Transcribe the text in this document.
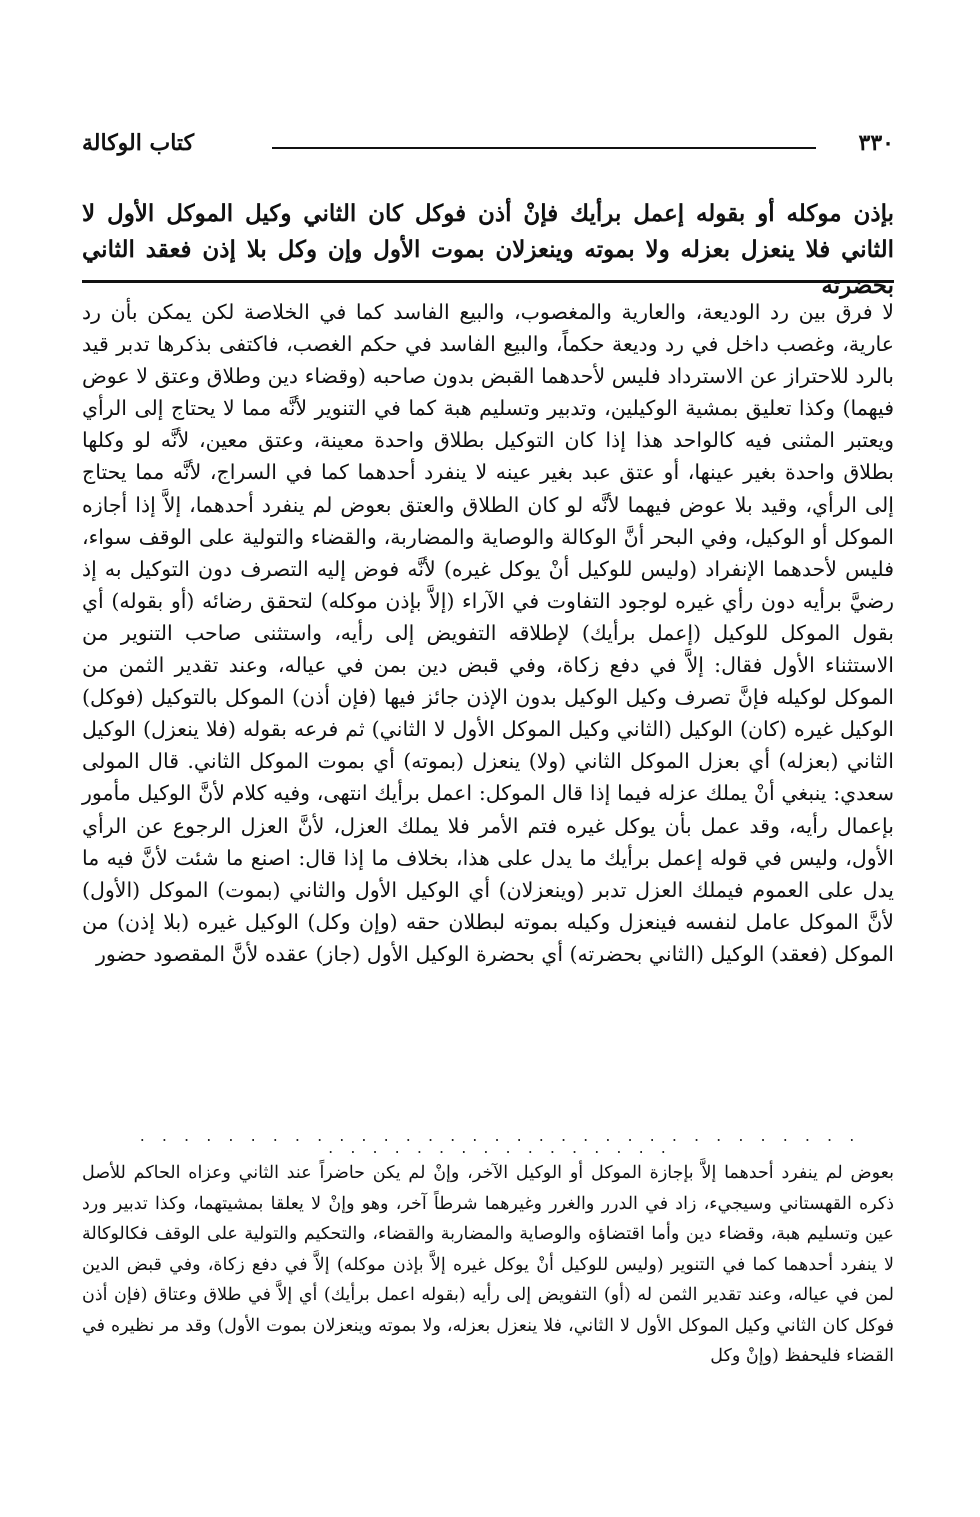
٣٣٠
كتاب الوكالة

بإذن موكله أو بقوله إعمل برأيك فإنْ أذن فوكل كان الثاني وكيل الموكل الأول لا الثاني فلا ينعزل بعزله ولا بموته وينعزلان بموت الأول وإن وكل بلا إذن فعقد الثاني بحضرته

لا فرق بين رد الوديعة، والعارية والمغصوب، والبيع الفاسد كما في الخلاصة لكن يمكن بأن رد عارية، وغصب داخل في رد وديعة حكماً، والبيع الفاسد في حكم الغصب، فاكتفى بذكرها تدبر قيد بالرد للاحتراز عن الاسترداد فليس لأحدهما القبض بدون صاحبه (وقضاء دين وطلاق وعتق لا عوض فيهما) وكذا تعليق بمشية الوكيلين، وتدبير وتسليم هبة كما في التنوير لأنَّه مما لا يحتاج إلى الرأي ويعتبر المثنى فيه كالواحد هذا إذا كان التوكيل بطلاق واحدة معينة، وعتق معين، لأنَّه لو وكلها بطلاق واحدة بغير عينها، أو عتق عبد بغير عينه لا ينفرد أحدهما كما في السراج، لأنَّه مما يحتاج إلى الرأي، وقيد بلا عوض فيهما لأنَّه لو كان الطلاق والعتق بعوض لم ينفرد أحدهما، إلاَّ إذا أجازه الموكل أو الوكيل، وفي البحر أنَّ الوكالة والوصاية والمضاربة، والقضاء والتولية على الوقف سواء، فليس لأحدهما الإنفراد (وليس للوكيل أنْ يوكل غيره) لأنَّه فوض إليه التصرف دون التوكيل به إذ رضيَّ برأيه دون رأي غيره لوجود التفاوت في الآراء (إلاَّ بإذن موكله) لتحقق رضائه (أو بقوله) أي بقول الموكل للوكيل (إعمل برأيك) لإطلاقه التفويض إلى رأيه، واستثنى صاحب التنوير من الاستثناء الأول فقال: إلاَّ في دفع زكاة، وفي قبض دين بمن في عياله، وعند تقدير الثمن من الموكل لوكيله فإنَّ تصرف وكيل الوكيل بدون الإذن جائز فيها (فإن أذن) الموكل بالتوكيل (فوكل) الوكيل غيره (كان) الوكيل (الثاني وكيل الموكل الأول لا الثاني) ثم فرعه بقوله (فلا ينعزل) الوكيل الثاني (بعزله) أي بعزل الموكل الثاني (ولا) ينعزل (بموته) أي بموت الموكل الثاني. قال المولى سعدي: ينبغي أنْ يملك عزله فيما إذا قال الموكل: اعمل برأيك انتهى، وفيه كلام لأنَّ الوكيل مأمور بإعمال رأيه، وقد عمل بأن يوكل غيره فتم الأمر فلا يملك العزل، لأنَّ العزل الرجوع عن الرأي الأول، وليس في قوله إعمل برأيك ما يدل على هذا، بخلاف ما إذا قال: اصنع ما شئت لأنَّ فيه ما يدل على العموم فيملك العزل تدبر (وينعزلان) أي الوكيل الأول والثاني (بموت) الموكل (الأول) لأنَّ الموكل عامل لنفسه فينعزل وكيله بموته لبطلان حقه (وإن وكل) الوكيل غيره (بلا إذن) من الموكل (فعقد) الوكيل (الثاني بحضرته) أي بحضرة الوكيل الأول (جاز) عقده لأنَّ المقصود حضور

. . . . . . . . . . . . . . . . . . . . . . . . . . . . . . . . . . . . . . . . . . . . . . . . .

بعوض لم ينفرد أحدهما إلاَّ بإجازة الموكل أو الوكيل الآخر، وإنْ لم يكن حاضراً عند الثاني وعزاه الحاكم للأصل ذكره القهستاني وسيجيء، زاد في الدرر والغرر وغيرهما شرطاً آخر، وهو وإنْ لا يعلقا بمشيتهما، وكذا تدبير ورد عين وتسليم هبة، وقضاء دين وأما اقتضاؤه والوصاية والمضاربة والقضاء، والتحكيم والتولية على الوقف فكالوكالة لا ينفرد أحدهما كما في التنوير (وليس للوكيل أنْ يوكل غيره إلاَّ بإذن موكله) إلاَّ في دفع زكاة، وفي قبض الدين لمن في عياله، وعند تقدير الثمن له (أو) التفويض إلى رأيه (بقوله اعمل برأيك) أي إلاَّ في طلاق وعتاق (فإن أذن فوكل كان الثاني وكيل الموكل الأول لا الثاني، فلا ينعزل بعزله، ولا بموته وينعزلان بموت الأول) وقد مر نظيره في القضاء فليحفظ (وإنْ وكل
